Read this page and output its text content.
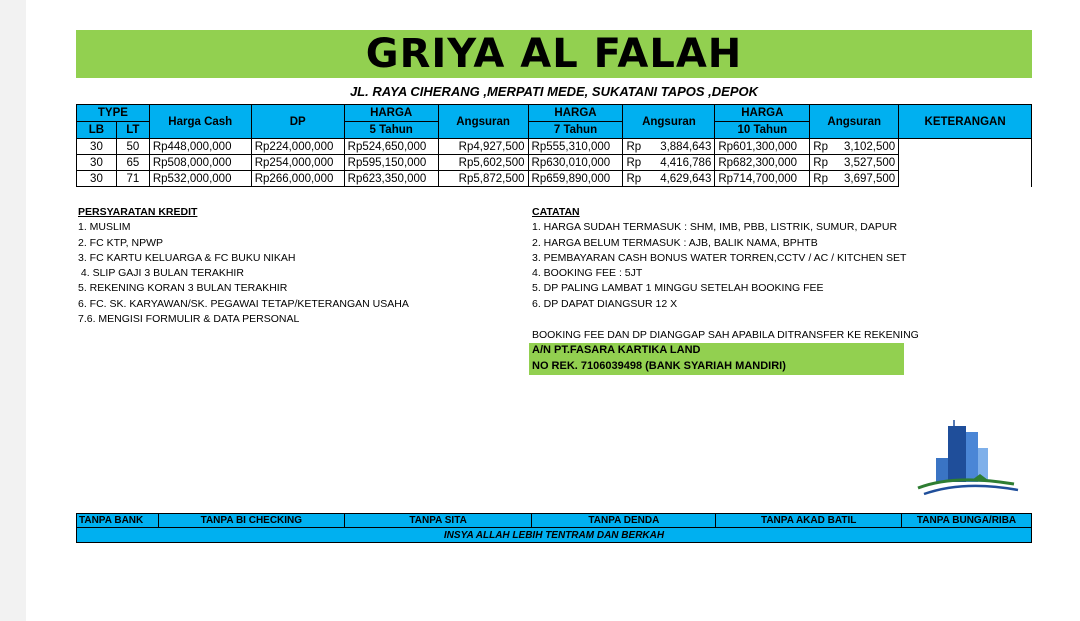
GRIYA AL FALAH
JL. RAYA CIHERANG ,MERPATI MEDE, SUKATANI TAPOS ,DEPOK
TYPE		Harga Cash	DP	HARGA	Angsuran	HARGA	Angsuran	HARGA	Angsuran	KETERANGAN
LB	LT			5 Tahun		7 Tahun		10 Tahun		
30	50	Rp448,000,000	Rp224,000,000	Rp524,650,000	Rp4,927,500	Rp555,310,000	Rp 3,884,643	Rp601,300,000	Rp 3,102,500	

30	65	Rp508,000,000	Rp254,000,000	Rp595,150,000	Rp5,602,500	Rp630,010,000	Rp 4,416,786	Rp682,300,000	Rp 3,527,500	

30	71	Rp532,000,000	Rp266,000,000	Rp623,350,000	Rp5,872,500	Rp659,890,000	Rp 4,629,643	Rp714,700,000	Rp 3,697,500	
PERSYARATAN KREDIT
1. MUSLIM
2. FC KTP, NPWP
3. FC KARTU KELUARGA & FC BUKU NIKAH
4. SLIP GAJI 3 BULAN TERAKHIR
5. REKENING KORAN 3 BULAN TERAKHIR
6. FC. SK. KARYAWAN/SK. PEGAWAI TETAP/KETERANGAN USAHA
7.6. MENGISI FORMULIR & DATA PERSONAL
CATATAN
1. HARGA SUDAH TERMASUK : SHM, IMB, PBB, LISTRIK, SUMUR, DAPUR
2. HARGA BELUM TERMASUK : AJB, BALIK NAMA, BPHTB
3. PEMBAYARAN CASH BONUS WATER TORREN,CCTV / AC / KITCHEN SET
4. BOOKING FEE : 5JT
5. DP PALING LAMBAT 1 MINGGU SETELAH BOOKING FEE
6. DP DAPAT DIANGSUR 12 X
BOOKING FEE DAN DP DIANGGAP SAH APABILA DITRANSFER KE REKENING
A/N PT.FASARA KARTIKA LAND
NO REK. 7106039498 (BANK SYARIAH MANDIRI)
TANPA BANK	TANPA BI CHECKING	TANPA SITA	TANPA DENDA	TANPA AKAD BATIL	TANPA BUNGA/RIBA
INSYA ALLAH LEBIH TENTRAM DAN BERKAH
